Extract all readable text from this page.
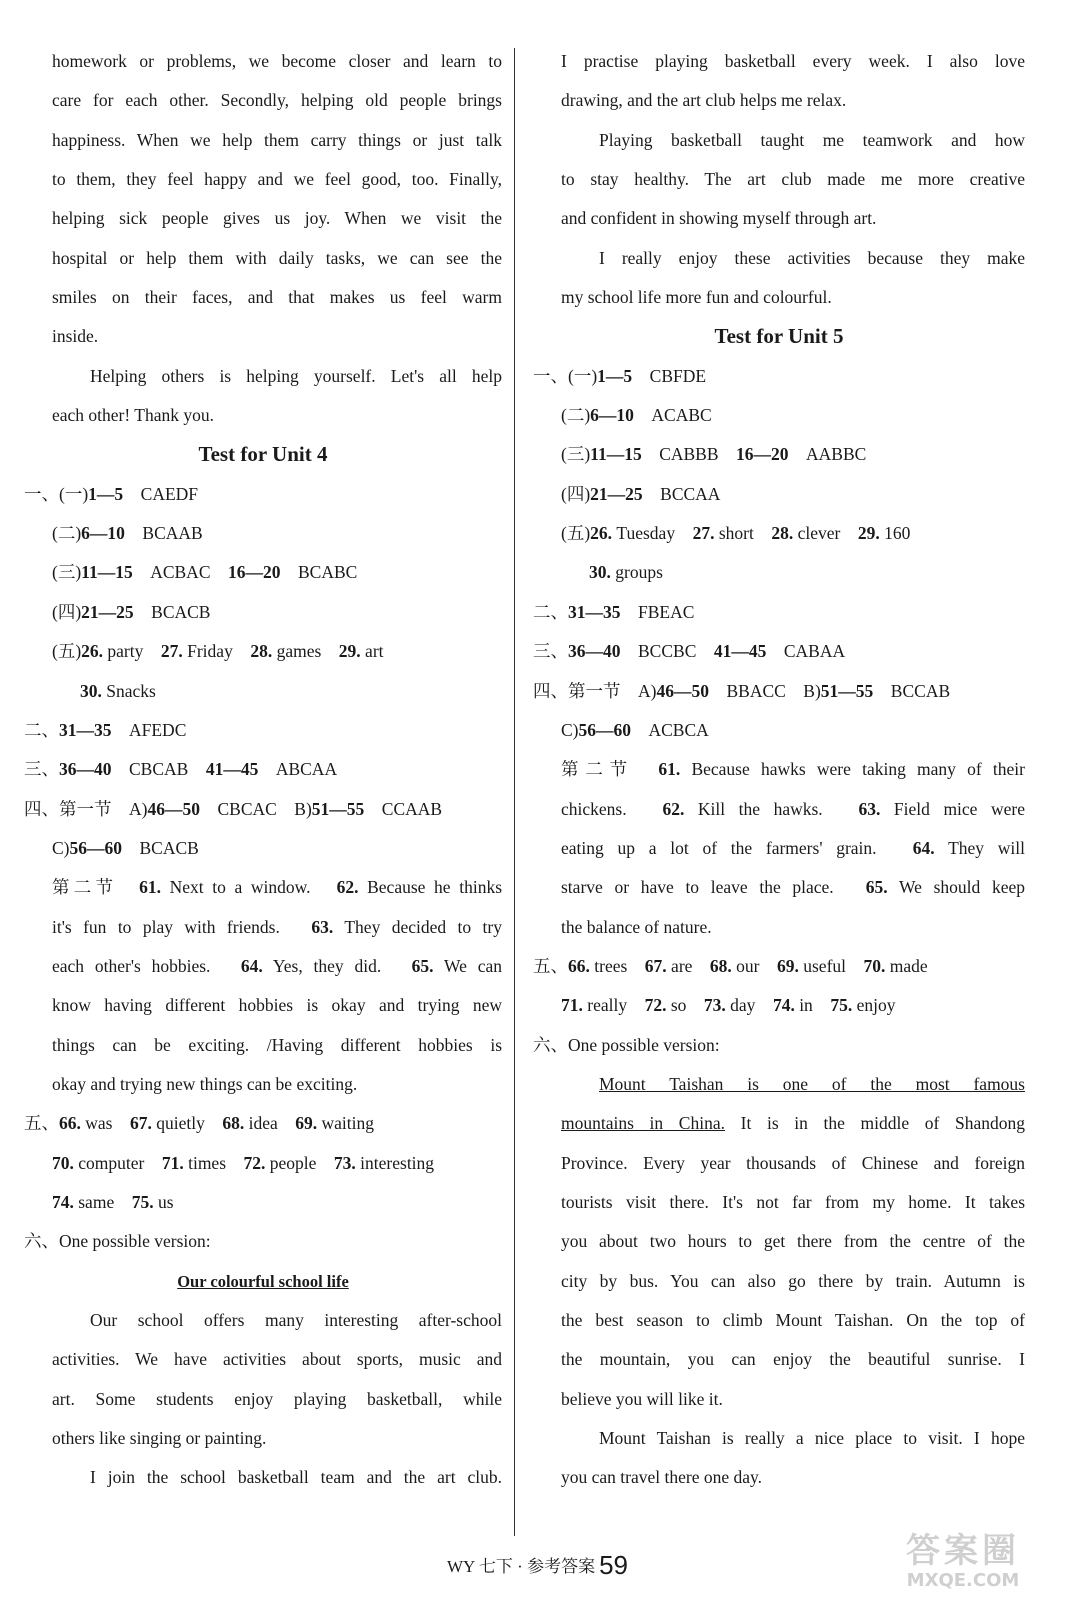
homework or problems, we become closer and learn to
care for each other. Secondly, helping old people brings
happiness. When we help them carry things or just talk
to them, they feel happy and we feel good, too. Finally,
helping sick people gives us joy. When we visit the
hospital or help them with daily tasks, we can see the
smiles on their faces, and that makes us feel warm
inside.
Helping others is helping yourself. Let's all help
each other! Thank you.
Test for Unit 4
一、(一)1—5　CAEDF
(二)6—10　BCAAB
(三)11—15　ACBAC　16—20　BCABC
(四)21—25　BCACB
(五)26. party　27. Friday　28. games　29. art
30. Snacks
二、31—35　AFEDC
三、36—40　CBCAB　41—45　ABCAA
四、第一节　A)46—50　CBCAC　B)51—55　CCAAB
C)56—60　BCACB
第二节　61. Next to a window.　62. Because he thinks
it's fun to play with friends.　63. They decided to try
each other's hobbies.　64. Yes, they did.　65. We can
know having different hobbies is okay and trying new
things can be exciting. /Having different hobbies is
okay and trying new things can be exciting.
五、66. was　67. quietly　68. idea　69. waiting
70. computer　71. times　72. people　73. interesting
74. same　75. us
六、One possible version:
Our colourful school life
Our school offers many interesting after-school
activities. We have activities about sports, music and
art. Some students enjoy playing basketball, while
others like singing or painting.
I join the school basketball team and the art club.
I practise playing basketball every week. I also love
drawing, and the art club helps me relax.
Playing basketball taught me teamwork and how
to stay healthy. The art club made me more creative
and confident in showing myself through art.
I really enjoy these activities because they make
my school life more fun and colourful.
Test for Unit 5
一、(一)1—5　CBFDE
(二)6—10　ACABC
(三)11—15　CABBB　16—20　AABBC
(四)21—25　BCCAA
(五)26. Tuesday　27. short　28. clever　29. 160
30. groups
二、31—35　FBEAC
三、36—40　BCCBC　41—45　CABAA
四、第一节　A)46—50　BBACC　B)51—55　BCCAB
C)56—60　ACBCA
第二节　61. Because hawks were taking many of their
chickens.　62. Kill the hawks.　63. Field mice were
eating up a lot of the farmers' grain.　64. They will
starve or have to leave the place.　65. We should keep
the balance of nature.
五、66. trees　67. are　68. our　69. useful　70. made
71. really　72. so　73. day　74. in　75. enjoy
六、One possible version:
Mount Taishan is one of the most famous
mountains in China. It is in the middle of Shandong
Province. Every year thousands of Chinese and foreign
tourists visit there. It's not far from my home. It takes
you about two hours to get there from the centre of the
city by bus. You can also go there by train. Autumn is
the best season to climb Mount Taishan. On the top of
the mountain, you can enjoy the beautiful sunrise. I
believe you will like it.
Mount Taishan is really a nice place to visit. I hope
you can travel there one day.
WY 七下 · 参考答案 59	答案圈
MXQE.COM
